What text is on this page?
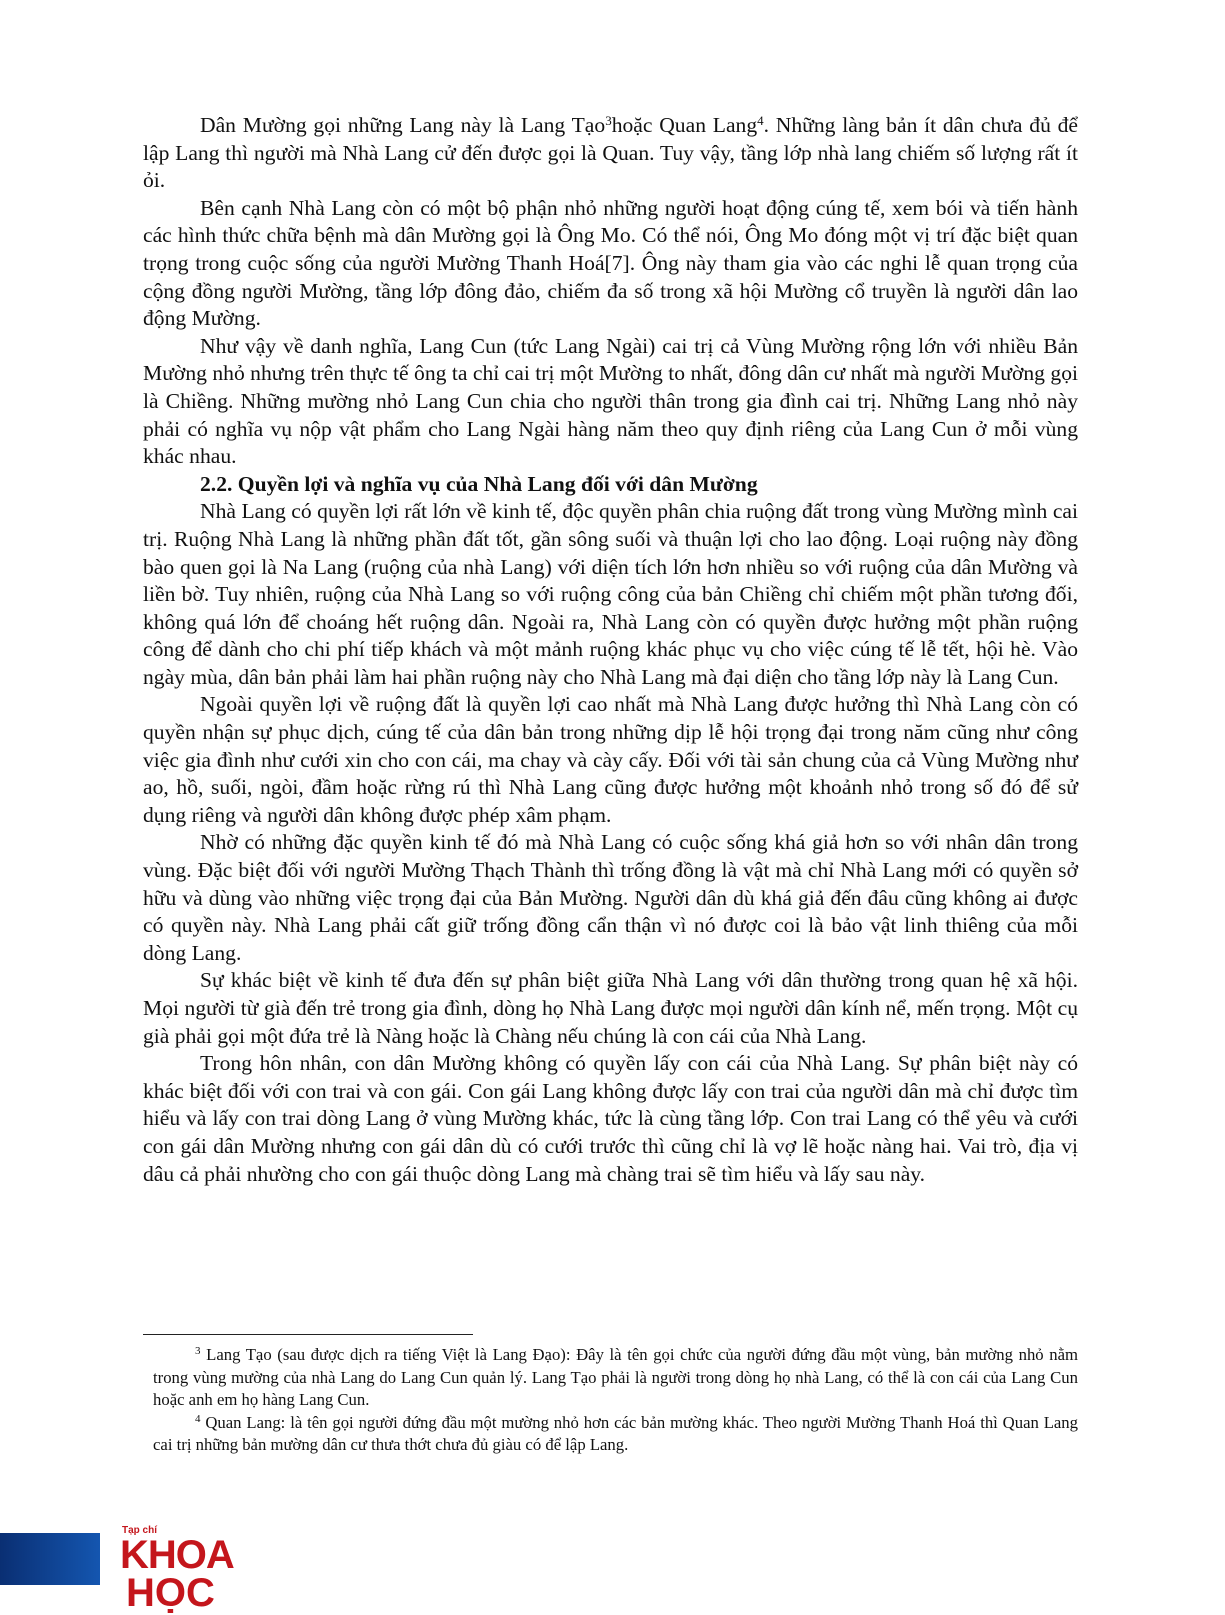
Dân Mường gọi những Lang này là Lang Tạo$^3$hoặc Quan Lang$^4$. Những làng bản ít dân chưa đủ để lập Lang thì người mà Nhà Lang cử đến được gọi là Quan. Tuy vậy, tầng lớp nhà lang chiếm số lượng rất ít ỏi.

Bên cạnh Nhà Lang còn có một bộ phận nhỏ những người hoạt động cúng tế, xem bói và tiến hành các hình thức chữa bệnh mà dân Mường gọi là Ông Mo. Có thể nói, Ông Mo đóng một vị trí đặc biệt quan trọng trong cuộc sống của người Mường Thanh Hoá[7]. Ông này tham gia vào các nghi lễ quan trọng của cộng đồng người Mường, tầng lớp đông đảo, chiếm đa số trong xã hội Mường cổ truyền là người dân lao động Mường.

Như vậy về danh nghĩa, Lang Cun (tức Lang Ngài) cai trị cả Vùng Mường rộng lớn với nhiều Bản Mường nhỏ nhưng trên thực tế ông ta chỉ cai trị một Mường to nhất, đông dân cư nhất mà người Mường gọi là Chiềng. Những mường nhỏ Lang Cun chia cho người thân trong gia đình cai trị. Những Lang nhỏ này phải có nghĩa vụ nộp vật phẩm cho Lang Ngài hàng năm theo quy định riêng của Lang Cun ở mỗi vùng khác nhau.

2.2. Quyền lợi và nghĩa vụ của Nhà Lang đối với dân Mường

Nhà Lang có quyền lợi rất lớn về kinh tế, độc quyền phân chia ruộng đất trong vùng Mường mình cai trị. Ruộng Nhà Lang là những phần đất tốt, gần sông suối và thuận lợi cho lao động. Loại ruộng này đồng bào quen gọi là Na Lang (ruộng của nhà Lang) với diện tích lớn hơn nhiều so với ruộng của dân Mường và liền bờ. Tuy nhiên, ruộng của Nhà Lang so với ruộng công của bản Chiềng chỉ chiếm một phần tương đối, không quá lớn để choáng hết ruộng dân. Ngoài ra, Nhà Lang còn có quyền được hưởng một phần ruộng công để dành cho chi phí tiếp khách và một mảnh ruộng khác phục vụ cho việc cúng tế lễ tết, hội hè. Vào ngày mùa, dân bản phải làm hai phần ruộng này cho Nhà Lang mà đại diện cho tầng lớp này là Lang Cun.

Ngoài quyền lợi về ruộng đất là quyền lợi cao nhất mà Nhà Lang được hưởng thì Nhà Lang còn có quyền nhận sự phục dịch, cúng tế của dân bản trong những dịp lễ hội trọng đại trong năm cũng như công việc gia đình như cưới xin cho con cái, ma chay và cày cấy. Đối với tài sản chung của cả Vùng Mường như ao, hồ, suối, ngòi, đầm hoặc rừng rú thì Nhà Lang cũng được hưởng một khoảnh nhỏ trong số đó để sử dụng riêng và người dân không được phép xâm phạm.

Nhờ có những đặc quyền kinh tế đó mà Nhà Lang có cuộc sống khá giả hơn so với nhân dân trong vùng. Đặc biệt đối với người Mường Thạch Thành thì trống đồng là vật mà chỉ Nhà Lang mới có quyền sở hữu và dùng vào những việc trọng đại của Bản Mường. Người dân dù khá giả đến đâu cũng không ai được có quyền này. Nhà Lang phải cất giữ trống đồng cẩn thận vì nó được coi là bảo vật linh thiêng của mỗi dòng Lang.

Sự khác biệt về kinh tế đưa đến sự phân biệt giữa Nhà Lang với dân thường trong quan hệ xã hội. Mọi người từ già đến trẻ trong gia đình, dòng họ Nhà Lang được mọi người dân kính nể, mến trọng. Một cụ già phải gọi một đứa trẻ là Nàng hoặc là Chàng nếu chúng là con cái của Nhà Lang.

Trong hôn nhân, con dân Mường không có quyền lấy con cái của Nhà Lang. Sự phân biệt này có khác biệt đối với con trai và con gái. Con gái Lang không được lấy con trai của người dân mà chỉ được tìm hiểu và lấy con trai dòng Lang ở vùng Mường khác, tức là cùng tầng lớp. Con trai Lang có thể yêu và cưới con gái dân Mường nhưng con gái dân dù có cưới trước thì cũng chỉ là vợ lẽ hoặc nàng hai. Vai trò, địa vị dâu cả phải nhường cho con gái thuộc dòng Lang mà chàng trai sẽ tìm hiểu và lấy sau này.

$^3$ Lang Tạo (sau được dịch ra tiếng Việt là Lang Đạo): Đây là tên gọi chức của người đứng đầu một vùng, bản mường nhỏ nằm trong vùng mường của nhà Lang do Lang Cun quản lý. Lang Tạo phải là người trong dòng họ nhà Lang, có thể là con cái của Lang Cun hoặc anh em họ hàng Lang Cun.

$^4$ Quan Lang: là tên gọi người đứng đầu một mường nhỏ hơn các bản mường khác. Theo người Mường Thanh Hoá thì Quan Lang cai trị những bản mường dân cư thưa thớt chưa đủ giàu có để lập Lang.

Tạp chí
KHOA
HỌC
